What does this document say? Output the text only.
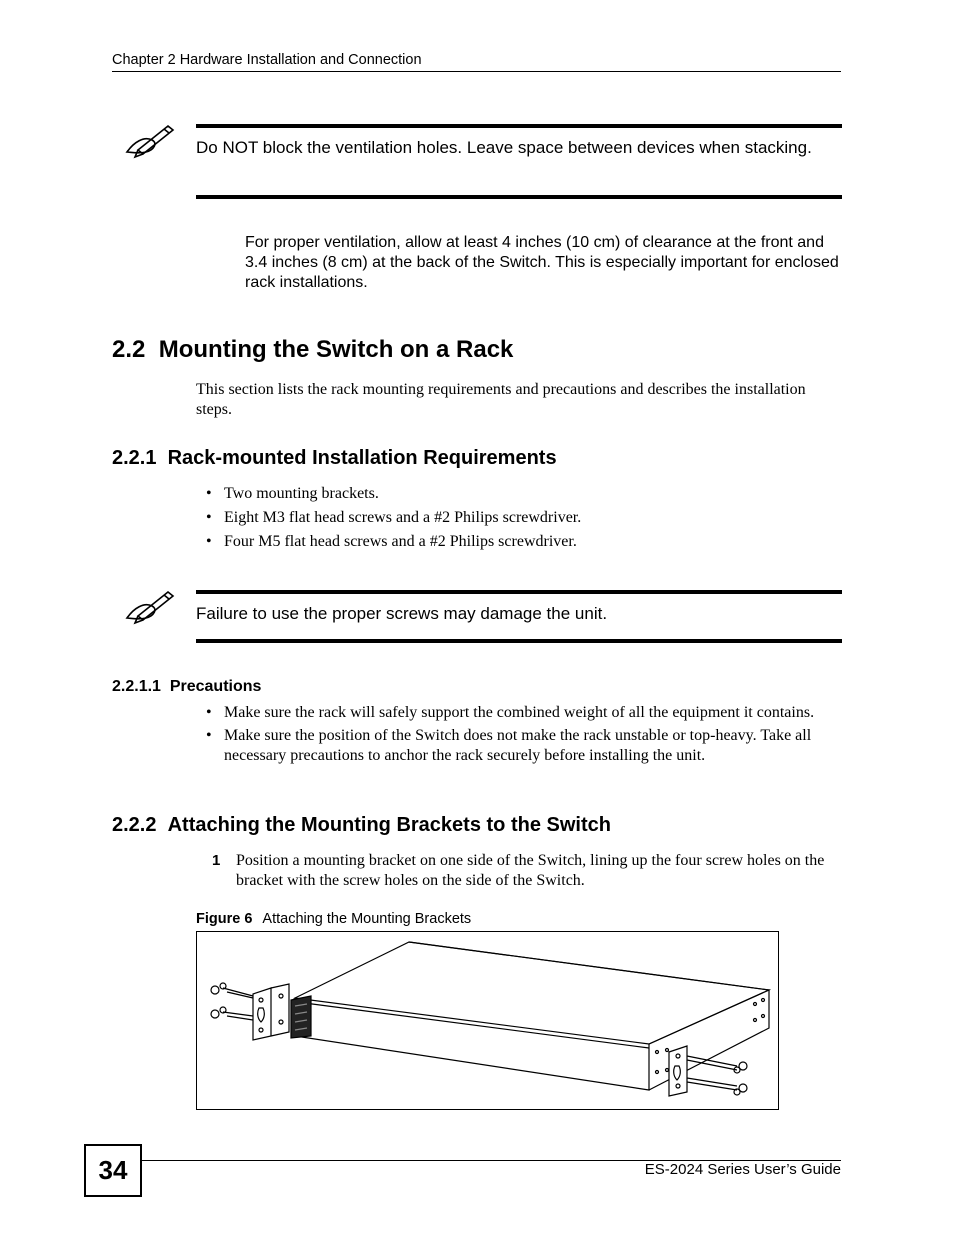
Chapter 2 Hardware Installation and Connection
Do NOT block the ventilation holes. Leave space between devices when stacking.
For proper ventilation, allow at least 4 inches (10 cm) of clearance at the front and 3.4 inches (8 cm) at the back of the Switch. This is especially important for enclosed rack installations.
2.2 Mounting the Switch on a Rack
This section lists the rack mounting requirements and precautions and describes the installation steps.
2.2.1 Rack-mounted Installation Requirements
• Two mounting brackets.
• Eight M3 flat head screws and a #2 Philips screwdriver.
• Four M5 flat head screws and a #2 Philips screwdriver.
Failure to use the proper screws may damage the unit.
2.2.1.1 Precautions
• Make sure the rack will safely support the combined weight of all the equipment it contains.
• Make sure the position of the Switch does not make the rack unstable or top-heavy. Take all necessary precautions to anchor the rack securely before installing the unit.
2.2.2 Attaching the Mounting Brackets to the Switch
1 Position a mounting bracket on one side of the Switch, lining up the four screw holes on the bracket with the screw holes on the side of the Switch.
Figure 6 Attaching the Mounting Brackets
34	ES-2024 Series User’s Guide
